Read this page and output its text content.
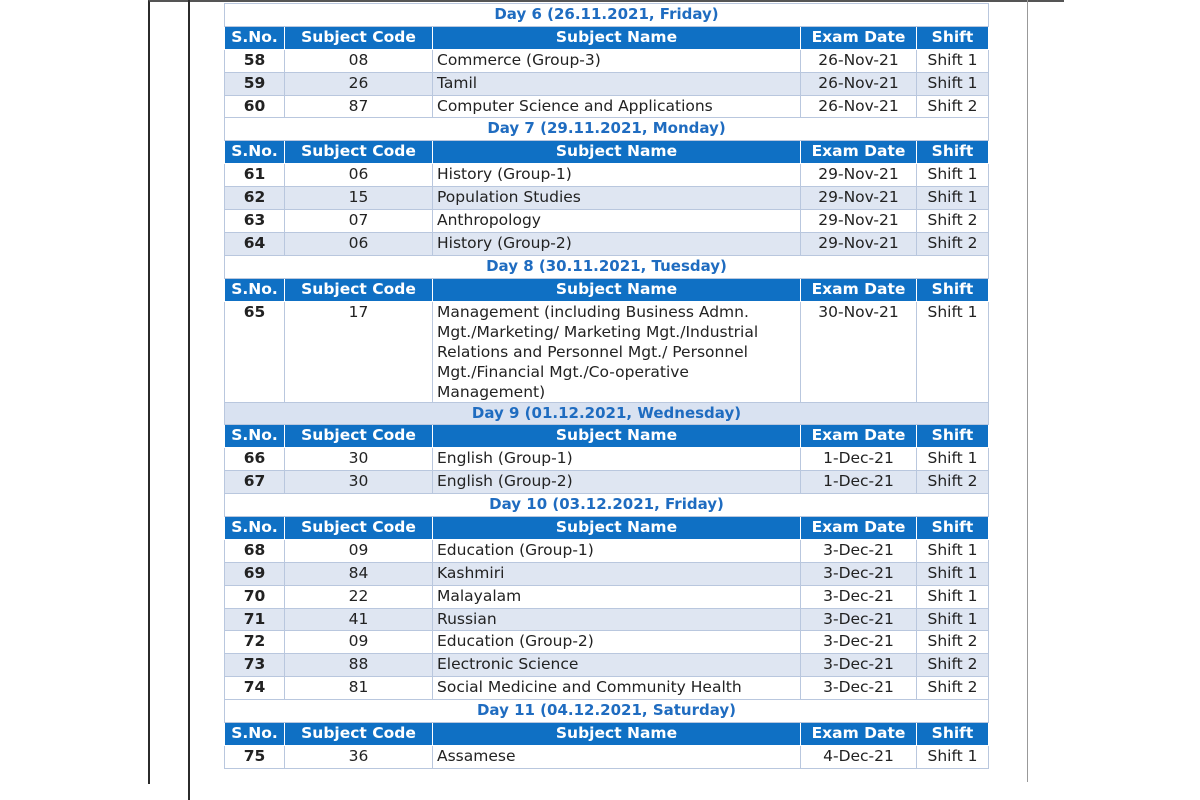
Day 6 (26.11.2021, Friday)				
S.No.	Subject Code	Subject Name	Exam Date	Shift
58	08	Commerce (Group-3)	26-Nov-21	Shift 1
59	26	Tamil	26-Nov-21	Shift 1
60	87	Computer Science and Applications	26-Nov-21	Shift 2
Day 7 (29.11.2021, Monday)				
S.No.	Subject Code	Subject Name	Exam Date	Shift
61	06	History (Group-1)	29-Nov-21	Shift 1
62	15	Population Studies	29-Nov-21	Shift 1
63	07	Anthropology	29-Nov-21	Shift 2
64	06	History (Group-2)	29-Nov-21	Shift 2
Day 8 (30.11.2021, Tuesday)				
S.No.	Subject Code	Subject Name	Exam Date	Shift
65	17	Management (including Business Admn. Mgt./Marketing/ Marketing Mgt./Industrial Relations and Personnel Mgt./ Personnel Mgt./Financial Mgt./Co-operative Management)	30-Nov-21	Shift 1
Day 9 (01.12.2021, Wednesday)				
S.No.	Subject Code	Subject Name	Exam Date	Shift
66	30	English (Group-1)	1-Dec-21	Shift 1
67	30	English (Group-2)	1-Dec-21	Shift 2
Day 10 (03.12.2021, Friday)				
S.No.	Subject Code	Subject Name	Exam Date	Shift
68	09	Education (Group-1)	3-Dec-21	Shift 1
69	84	Kashmiri	3-Dec-21	Shift 1
70	22	Malayalam	3-Dec-21	Shift 1
71	41	Russian	3-Dec-21	Shift 1
72	09	Education (Group-2)	3-Dec-21	Shift 2
73	88	Electronic Science	3-Dec-21	Shift 2
74	81	Social Medicine and Community Health	3-Dec-21	Shift 2
Day 11 (04.12.2021, Saturday)				
S.No.	Subject Code	Subject Name	Exam Date	Shift
75	36	Assamese	4-Dec-21	Shift 1
